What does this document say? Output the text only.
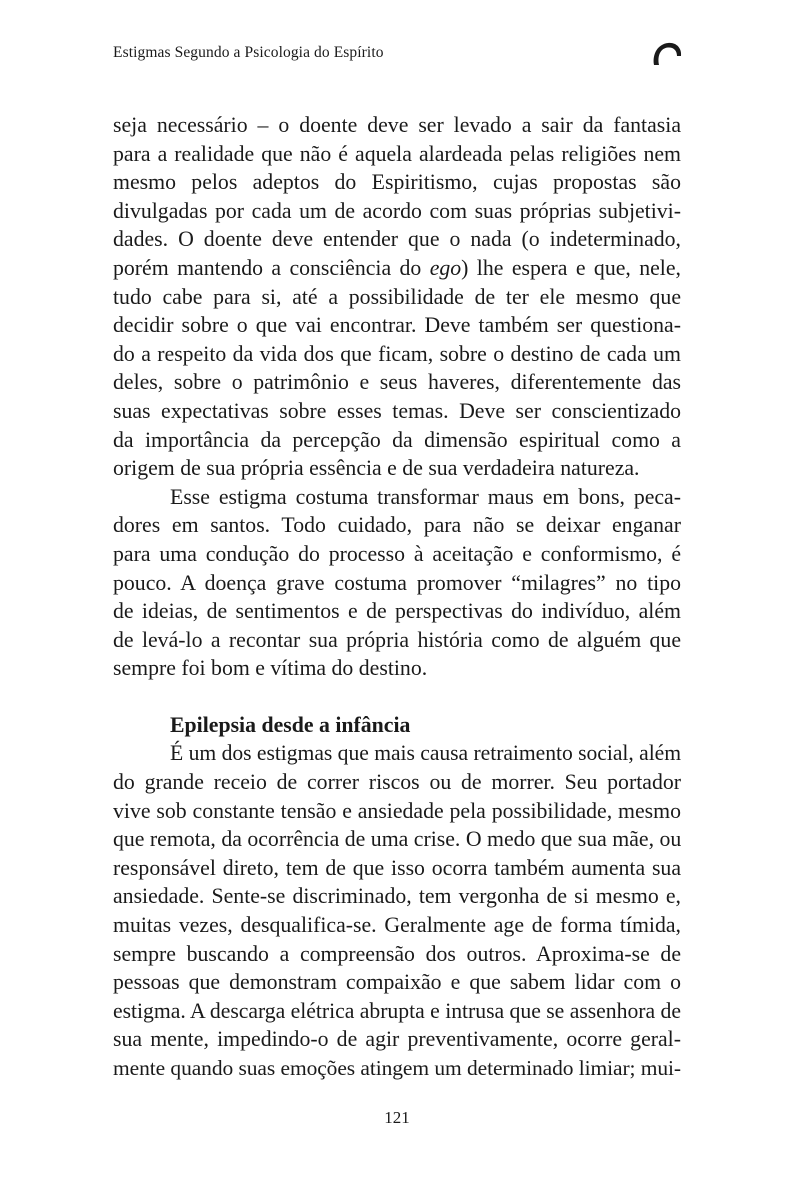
Estigmas Segundo a Psicologia do Espírito
seja necessário – o doente deve ser levado a sair da fantasia
para a realidade que não é aquela alardeada pelas religiões nem
mesmo pelos adeptos do Espiritismo, cujas propostas são
divulgadas por cada um de acordo com suas próprias subjetivi-
dades. O doente deve entender que o nada (o indeterminado,
porém mantendo a consciência do ego) lhe espera e que, nele,
tudo cabe para si, até a possibilidade de ter ele mesmo que
decidir sobre o que vai encontrar. Deve também ser questiona-
do a respeito da vida dos que ficam, sobre o destino de cada um
deles, sobre o patrimônio e seus haveres, diferentemente das
suas expectativas sobre esses temas. Deve ser conscientizado
da importância da percepção da dimensão espiritual como a
origem de sua própria essência e de sua verdadeira natureza.
Esse estigma costuma transformar maus em bons, peca-
dores em santos. Todo cuidado, para não se deixar enganar
para uma condução do processo à aceitação e conformismo, é
pouco. A doença grave costuma promover “milagres” no tipo
de ideias, de sentimentos e de perspectivas do indivíduo, além
de levá-lo a recontar sua própria história como de alguém que
sempre foi bom e vítima do destino.
Epilepsia desde a infância
É um dos estigmas que mais causa retraimento social, além
do grande receio de correr riscos ou de morrer. Seu portador
vive sob constante tensão e ansiedade pela possibilidade, mesmo
que remota, da ocorrência de uma crise. O medo que sua mãe, ou
responsável direto, tem de que isso ocorra também aumenta sua
ansiedade. Sente-se discriminado, tem vergonha de si mesmo e,
muitas vezes, desqualifica-se. Geralmente age de forma tímida,
sempre buscando a compreensão dos outros. Aproxima-se de
pessoas que demonstram compaixão e que sabem lidar com o
estigma. A descarga elétrica abrupta e intrusa que se assenhora de
sua mente, impedindo-o de agir preventivamente, ocorre geral-
mente quando suas emoções atingem um determinado limiar; mui-
121
